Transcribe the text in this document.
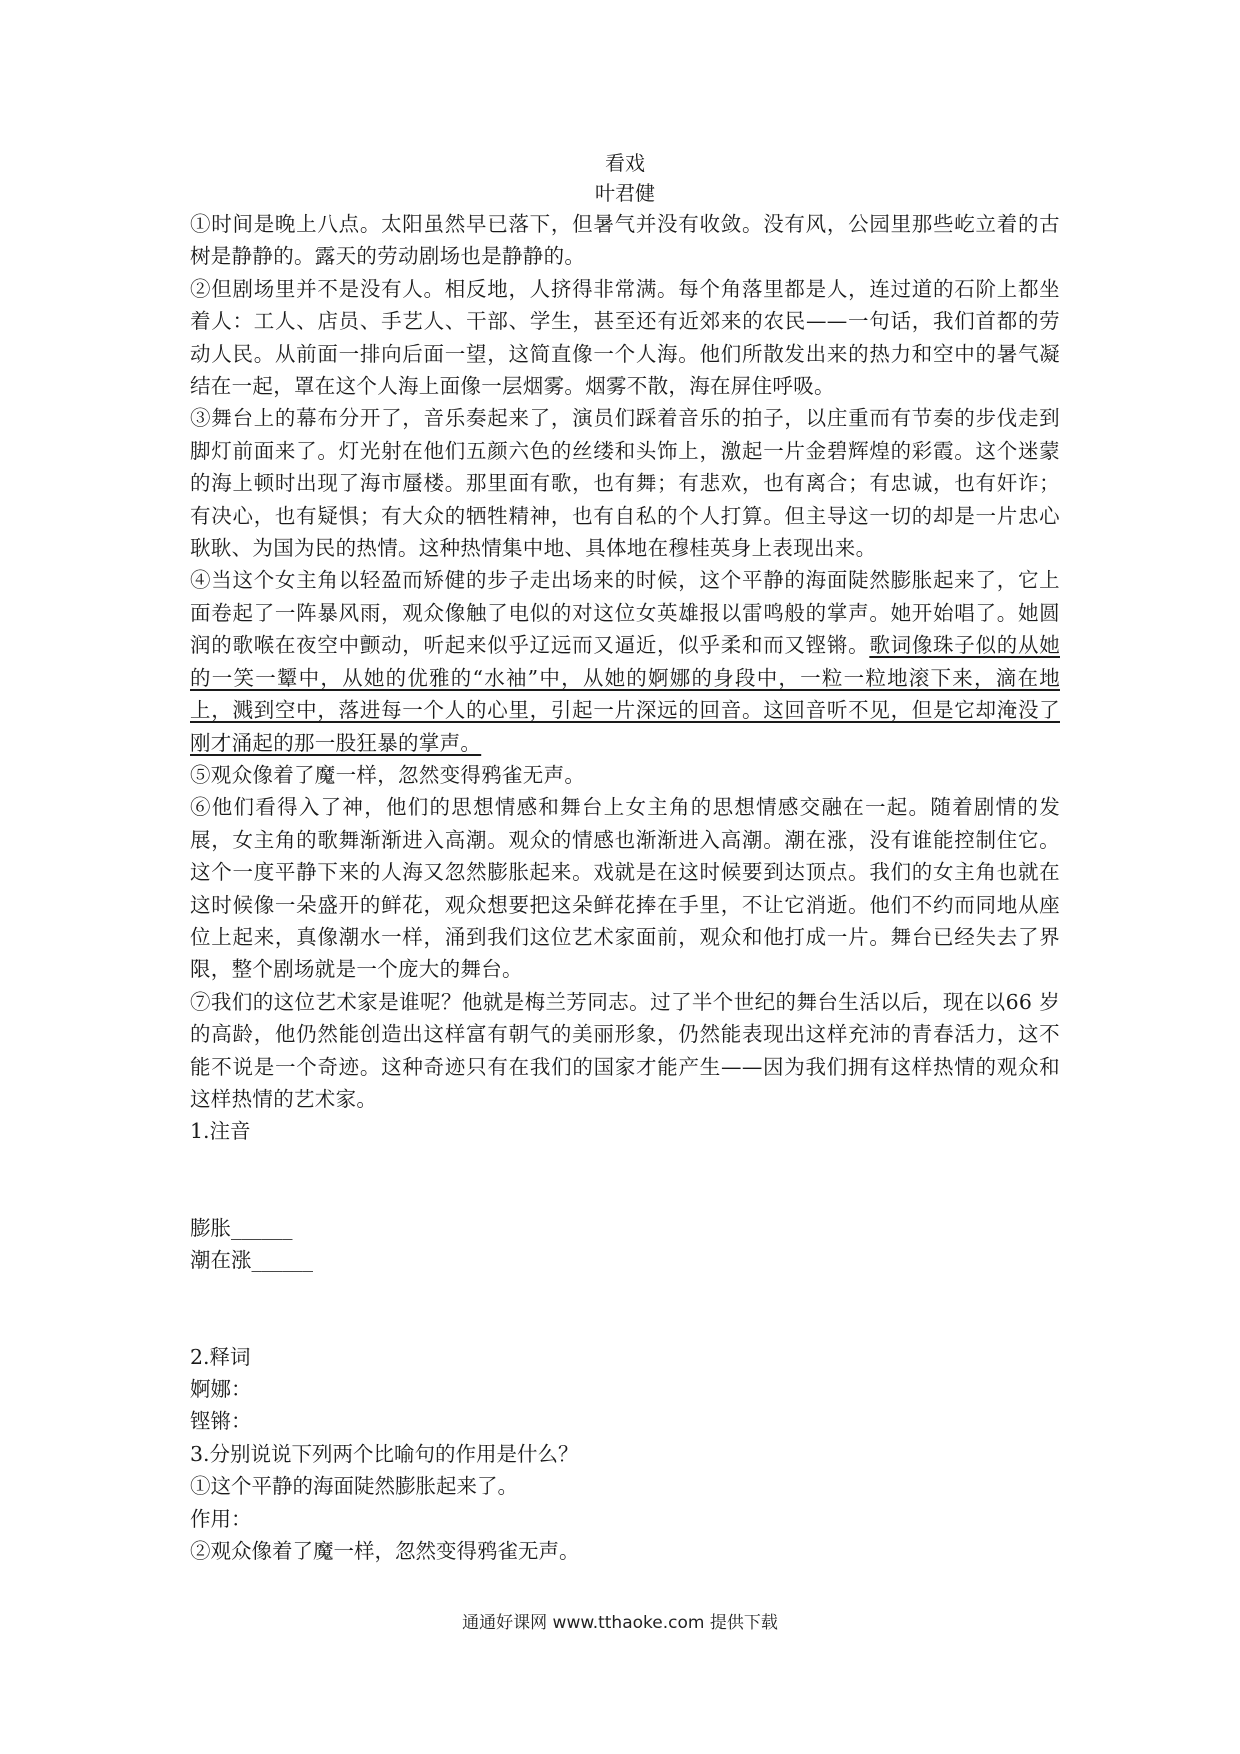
看戏

叶君健

①时间是晚上八点。太阳虽然早已落下，但暑气并没有收敛。没有风，公园里那些屹立着的古树是静静的。露天的劳动剧场也是静静的。

②但剧场里并不是没有人。相反地，人挤得非常满。每个角落里都是人，连过道的石阶上都坐着人：工人、店员、手艺人、干部、学生，甚至还有近郊来的农民——一句话，我们首都的劳动人民。从前面一排向后面一望，这简直像一个人海。他们所散发出来的热力和空中的暑气凝结在一起，罩在这个人海上面像一层烟雾。烟雾不散，海在屏住呼吸。

③舞台上的幕布分开了，音乐奏起来了，演员们踩着音乐的拍子，以庄重而有节奏的步伐走到脚灯前面来了。灯光射在他们五颜六色的丝缕和头饰上，激起一片金碧辉煌的彩霞。这个迷蒙的海上顿时出现了海市蜃楼。那里面有歌，也有舞；有悲欢，也有离合；有忠诚，也有奸诈；有决心，也有疑惧；有大众的牺牲精神，也有自私的个人打算。但主导这一切的却是一片忠心耿耿、为国为民的热情。这种热情集中地、具体地在穆桂英身上表现出来。

④当这个女主角以轻盈而矫健的步子走出场来的时候，这个平静的海面陡然膨胀起来了，它上面卷起了一阵暴风雨，观众像触了电似的对这位女英雄报以雷鸣般的掌声。她开始唱了。她圆润的歌喉在夜空中颤动，听起来似乎辽远而又逼近，似乎柔和而又铿锵。歌词像珠子似的从她的一笑一颦中，从她的优雅的“水袖”中，从她的婀娜的身段中，一粒一粒地滚下来，滴在地上，溅到空中，落进每一个人的心里，引起一片深远的回音。这回音听不见，但是它却淹没了刚才涌起的那一股狂暴的掌声。

⑤观众像着了魔一样，忽然变得鸦雀无声。

⑥他们看得入了神，他们的思想情感和舞台上女主角的思想情感交融在一起。随着剧情的发展，女主角的歌舞渐渐进入高潮。观众的情感也渐渐进入高潮。潮在涨，没有谁能控制住它。这个一度平静下来的人海又忽然膨胀起来。戏就是在这时候要到达顶点。我们的女主角也就在这时候像一朵盛开的鲜花，观众想要把这朵鲜花捧在手里，不让它消逝。他们不约而同地从座位上起来，真像潮水一样，涌到我们这位艺术家面前，观众和他打成一片。舞台已经失去了界限，整个剧场就是一个庞大的舞台。

⑦我们的这位艺术家是谁呢？他就是梅兰芳同志。过了半个世纪的舞台生活以后，现在以66 岁的高龄，他仍然能创造出这样富有朝气的美丽形象，仍然能表现出这样充沛的青春活力，这不能不说是一个奇迹。这种奇迹只有在我们的国家才能产生——因为我们拥有这样热情的观众和这样热情的艺术家。

1.注音

膨胀______

潮在涨______

2.释词

婀娜：

铿锵：

3.分别说说下列两个比喻句的作用是什么？

①这个平静的海面陡然膨胀起来了。

作用：

②观众像着了魔一样，忽然变得鸦雀无声。

通通好课网 www.tthaoke.com 提供下载
